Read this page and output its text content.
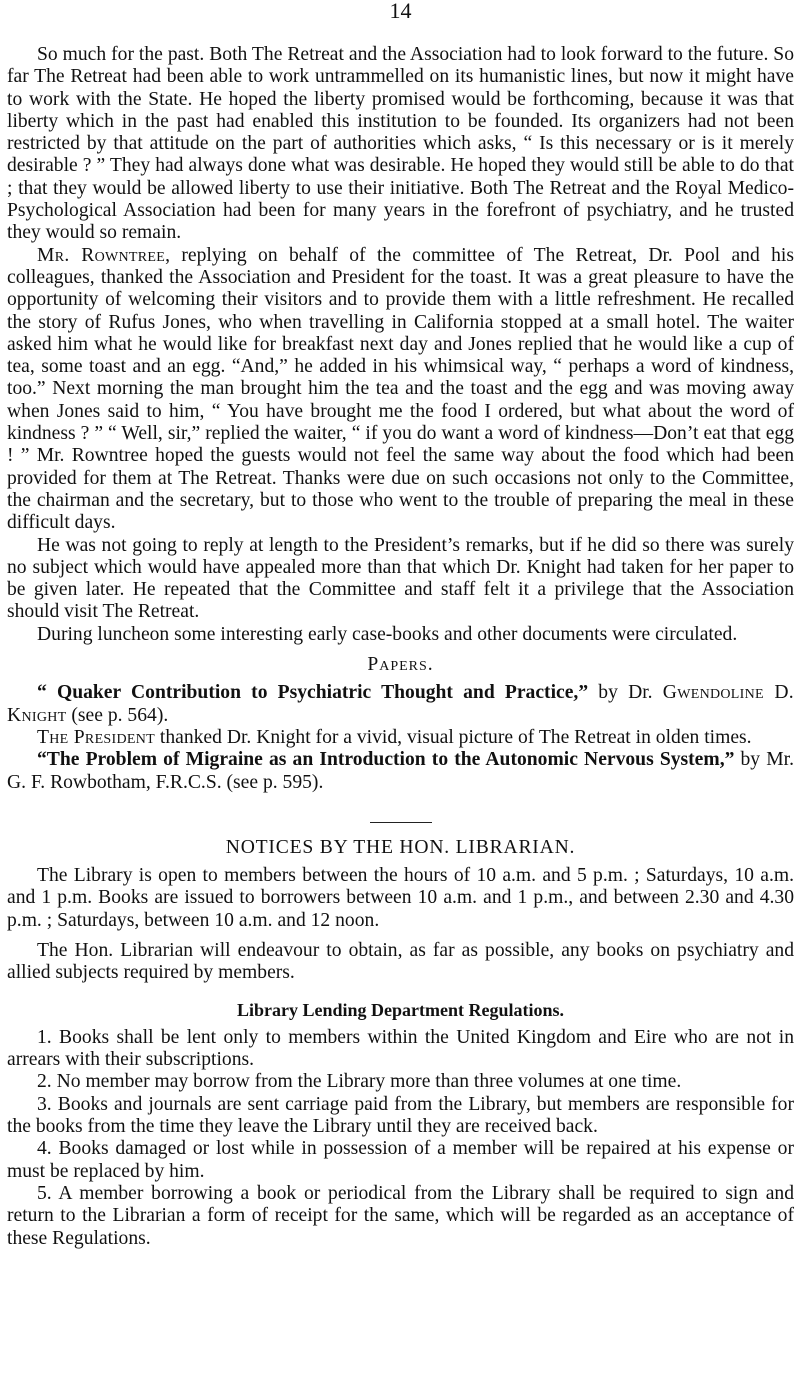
14

So much for the past. Both The Retreat and the Association had to look forward to the future. So far The Retreat had been able to work untrammelled on its humanistic lines, but now it might have to work with the State. He hoped the liberty promised would be forthcoming, because it was that liberty which in the past had enabled this institution to be founded. Its organizers had not been restricted by that attitude on the part of authorities which asks, “ Is this necessary or is it merely desirable ? ” They had always done what was desirable. He hoped they would still be able to do that ; that they would be allowed liberty to use their initiative. Both The Retreat and the Royal Medico-Psychological Association had been for many years in the forefront of psychiatry, and he trusted they would so remain.

Mr. Rowntree, replying on behalf of the committee of The Retreat, Dr. Pool and his colleagues, thanked the Association and President for the toast. It was a great pleasure to have the opportunity of welcoming their visitors and to provide them with a little refreshment. He recalled the story of Rufus Jones, who when travelling in California stopped at a small hotel. The waiter asked him what he would like for breakfast next day and Jones replied that he would like a cup of tea, some toast and an egg. “And,” he added in his whimsical way, “ perhaps a word of kindness, too.” Next morning the man brought him the tea and the toast and the egg and was moving away when Jones said to him, “ You have brought me the food I ordered, but what about the word of kindness ? ” “ Well, sir,” replied the waiter, “ if you do want a word of kindness—Don’t eat that egg ! ” Mr. Rowntree hoped the guests would not feel the same way about the food which had been provided for them at The Retreat. Thanks were due on such occasions not only to the Committee, the chairman and the secretary, but to those who went to the trouble of preparing the meal in these difficult days.

He was not going to reply at length to the President’s remarks, but if he did so there was surely no subject which would have appealed more than that which Dr. Knight had taken for her paper to be given later. He repeated that the Committee and staff felt it a privilege that the Association should visit The Retreat.

During luncheon some interesting early case-books and other documents were circulated.

Papers.

“ Quaker Contribution to Psychiatric Thought and Practice,” by Dr. Gwendoline D. Knight (see p. 564).

The President thanked Dr. Knight for a vivid, visual picture of The Retreat in olden times.

“The Problem of Migraine as an Introduction to the Autonomic Nervous System,” by Mr. G. F. Rowbotham, F.R.C.S. (see p. 595).

NOTICES BY THE HON. LIBRARIAN.

The Library is open to members between the hours of 10 a.m. and 5 p.m. ; Saturdays, 10 a.m. and 1 p.m. Books are issued to borrowers between 10 a.m. and 1 p.m., and between 2.30 and 4.30 p.m. ; Saturdays, between 10 a.m. and 12 noon.

The Hon. Librarian will endeavour to obtain, as far as possible, any books on psychiatry and allied subjects required by members.

Library Lending Department Regulations.

1. Books shall be lent only to members within the United Kingdom and Eire who are not in arrears with their subscriptions.

2. No member may borrow from the Library more than three volumes at one time.

3. Books and journals are sent carriage paid from the Library, but members are responsible for the books from the time they leave the Library until they are received back.

4. Books damaged or lost while in possession of a member will be repaired at his expense or must be replaced by him.

5. A member borrowing a book or periodical from the Library shall be required to sign and return to the Librarian a form of receipt for the same, which will be regarded as an acceptance of these Regulations.
